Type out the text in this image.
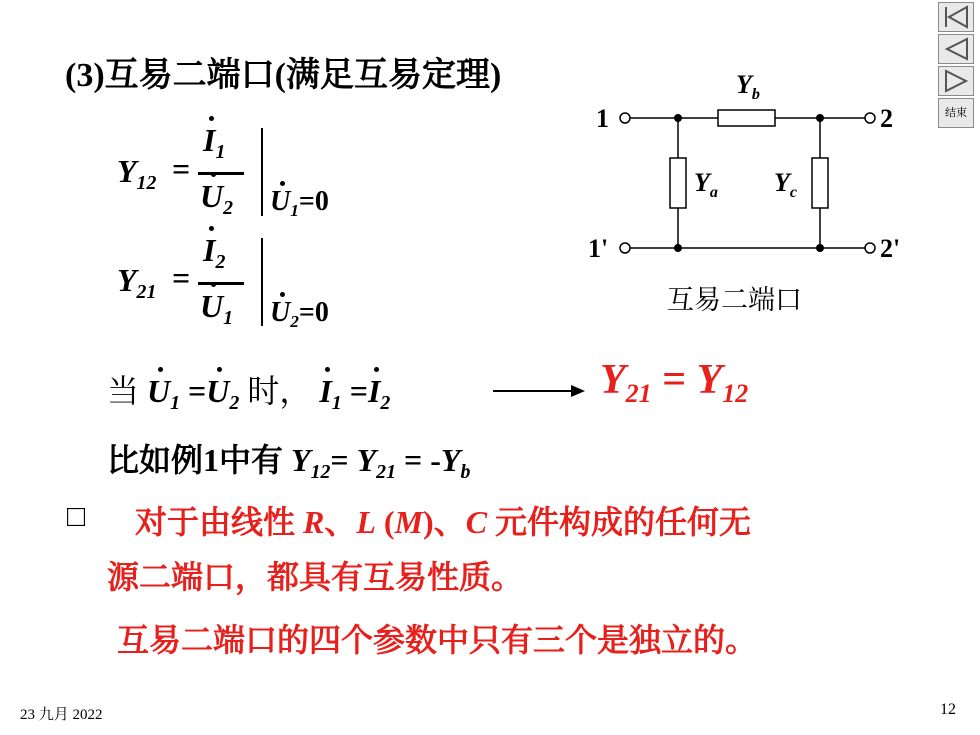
结束
(3)互易二端口(满足互易定理)
$Y_{12}$ =
$I_1$
$U_2$ $U_1=0$
$Y_{21}$ =
$I_2$
$U_1$ $U_2=0$
1	2
1'	2'
$Y_b$
$Y_a$ $Y_c$
互易二端口
当 $U_1 =U_2$ 时， $I_1 =I_2$	$Y_{21} = Y_{12}$
比如例1中有 $Y_{12}= Y_{21} = -Y_b$
□ 对于由线性 R、L (M)、C 元件构成的任何无
源二端口，都具有互易性质。
互易二端口的四个参数中只有三个是独立的。
23 九月 2022	12
